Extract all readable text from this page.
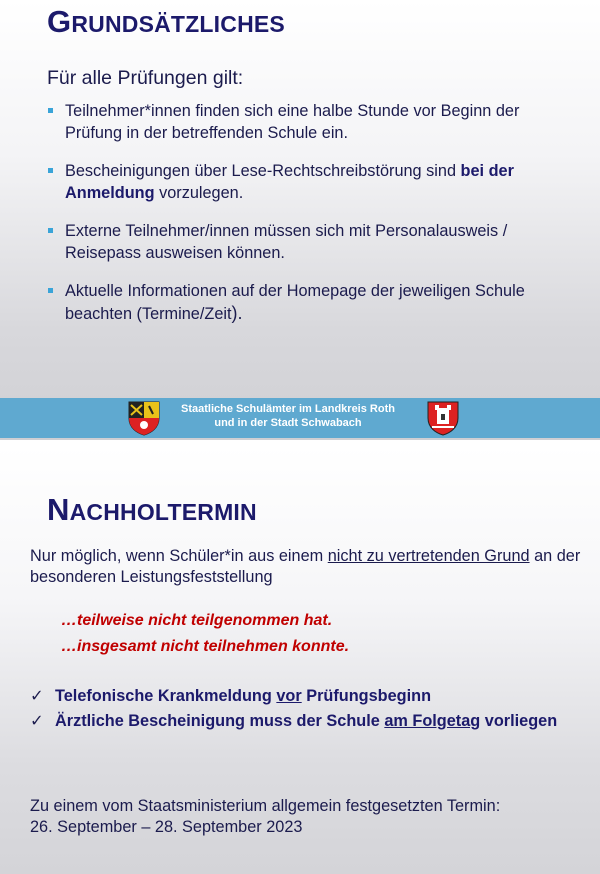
GRUNDSÄTZLICHES
Für alle Prüfungen gilt:
Teilnehmer*innen finden sich eine halbe Stunde vor Beginn der Prüfung in der betreffenden Schule ein.
Bescheinigungen über Lese-Rechtschreibstörung sind bei der Anmeldung vorzulegen.
Externe Teilnehmer/innen müssen sich mit Personalausweis / Reisepass ausweisen können.
Aktuelle Informationen auf der Homepage der jeweiligen Schule beachten (Termine/Zeit).
Staatliche Schulämter im Landkreis Roth
und in der Stadt Schwabach
NACHHOLTERMIN
Nur möglich, wenn Schüler*in aus einem nicht zu vertretenden Grund an der besonderen Leistungsfeststellung
…teilweise nicht teilgenommen hat.
…insgesamt nicht teilnehmen konnte.
✓ Telefonische Krankmeldung vor Prüfungsbeginn
✓ Ärztliche Bescheinigung muss der Schule am Folgetag vorliegen
Zu einem vom Staatsministerium allgemein festgesetzten Termin:
26. September – 28. September 2023
